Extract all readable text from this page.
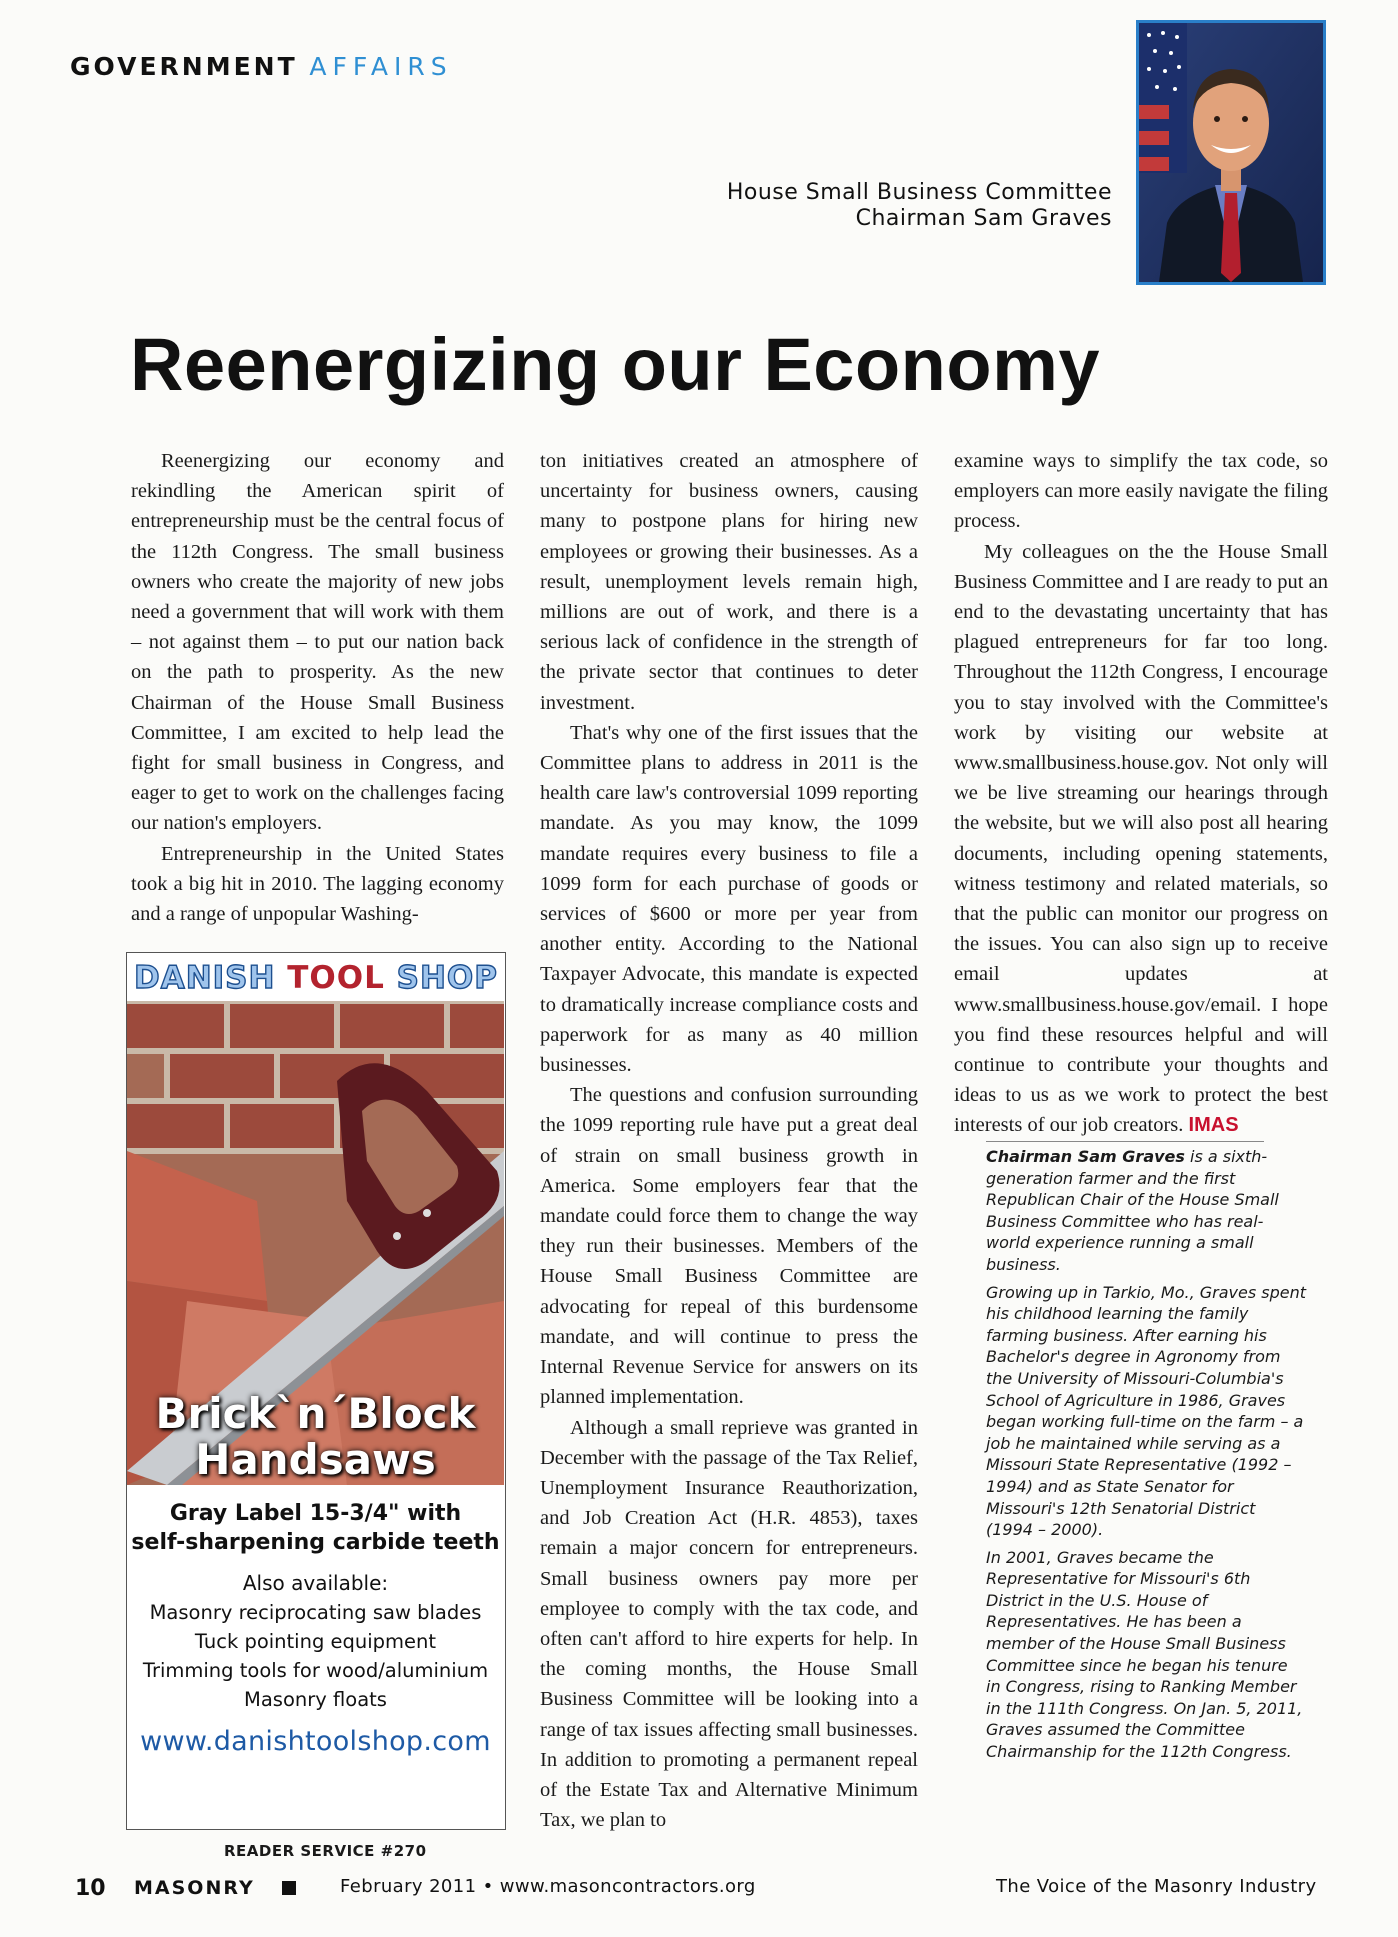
GOVERNMENT AFFAIRS
House Small Business Committee
Chairman Sam Graves
Reenergizing our Economy

Reenergizing our economy and rekindling the American spirit of entrepreneurship must be the central focus of the 112th Congress. The small business owners who create the majority of new jobs need a government that will work with them – not against them – to put our nation back on the path to prosperity. As the new Chairman of the House Small Business Committee, I am excited to help lead the fight for small business in Congress, and eager to get to work on the challenges facing our nation's employers.

Entrepreneurship in the United States took a big hit in 2010. The lagging economy and a range of unpopular Washing-

ton initiatives created an atmosphere of uncertainty for business owners, causing many to postpone plans for hiring new employees or growing their businesses. As a result, unemployment levels remain high, millions are out of work, and there is a serious lack of confidence in the strength of the private sector that continues to deter investment.

That's why one of the first issues that the Committee plans to address in 2011 is the health care law's controversial 1099 reporting mandate. As you may know, the 1099 mandate requires every business to file a 1099 form for each purchase of goods or services of $600 or more per year from another entity. According to the National Taxpayer Advocate, this mandate is expected to dramatically increase compliance costs and paperwork for as many as 40 million businesses.

The questions and confusion surrounding the 1099 reporting rule have put a great deal of strain on small business growth in America. Some employers fear that the mandate could force them to change the way they run their businesses. Members of the House Small Business Committee are advocating for repeal of this burdensome mandate, and will continue to press the Internal Revenue Service for answers on its planned implementation.

Although a small reprieve was granted in December with the passage of the Tax Relief, Unemployment Insurance Reauthorization, and Job Creation Act (H.R. 4853), taxes remain a major concern for entrepreneurs. Small business owners pay more per employee to comply with the tax code, and often can't afford to hire experts for help. In the coming months, the House Small Business Committee will be looking into a range of tax issues affecting small businesses. In addition to promoting a permanent repeal of the Estate Tax and Alternative Minimum Tax, we plan to

examine ways to simplify the tax code, so employers can more easily navigate the filing process.

My colleagues on the the House Small Business Committee and I are ready to put an end to the devastating uncertainty that has plagued entrepreneurs for far too long. Throughout the 112th Congress, I encourage you to stay involved with the Committee's work by visiting our website at www.smallbusiness.house.gov. Not only will we be live streaming our hearings through the website, but we will also post all hearing documents, including opening statements, witness testimony and related materials, so that the public can monitor our progress on the issues. You can also sign up to receive email updates at www.smallbusiness.house.gov/email. I hope you find these resources helpful and will continue to contribute your thoughts and ideas to us as we work to protect the best interests of our job creators. IMAS

Chairman Sam Graves is a sixth-generation farmer and the first Republican Chair of the House Small Business Committee who has real-world experience running a small business.

Growing up in Tarkio, Mo., Graves spent his childhood learning the family farming business. After earning his Bachelor's degree in Agronomy from the University of Missouri-Columbia's School of Agriculture in 1986, Graves began working full-time on the farm – a job he maintained while serving as a Missouri State Representative (1992 – 1994) and as State Senator for Missouri's 12th Senatorial District (1994 – 2000).

In 2001, Graves became the Representative for Missouri's 6th District in the U.S. House of Representatives. He has been a member of the House Small Business Committee since he began his tenure in Congress, rising to Ranking Member in the 111th Congress. On Jan. 5, 2011, Graves assumed the Committee Chairmanship for the 112th Congress.

DANISH TOOL SHOP
Brick`n´Block
Handsaws
Gray Label 15-3/4" with
self-sharpening carbide teeth
Also available:
Masonry reciprocating saw blades
Tuck pointing equipment
Trimming tools for wood/aluminium
Masonry floats
www.danishtoolshop.com
READER SERVICE #270
10 MASONRY	February 2011 • www.masoncontractors.org	The Voice of the Masonry Industry
